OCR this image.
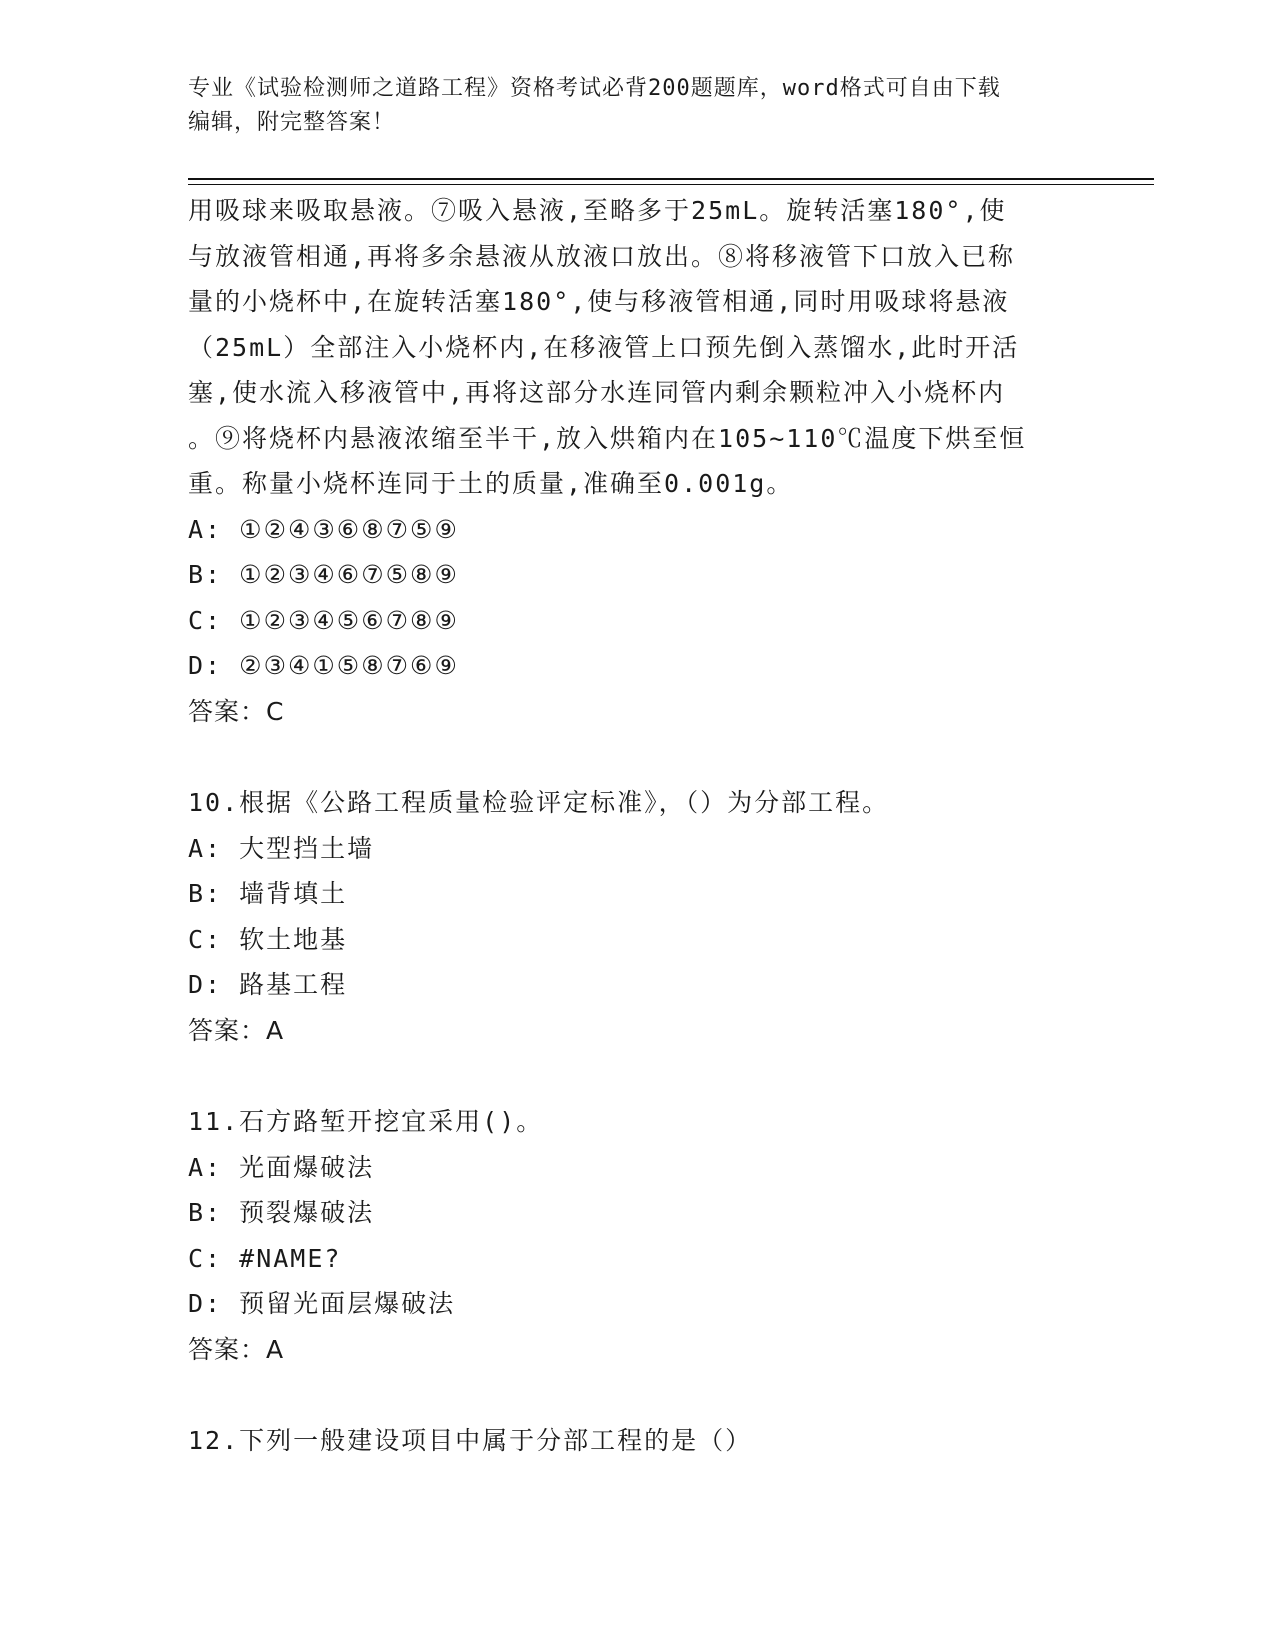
专业《试验检测师之道路工程》资格考试必背200题题库，word格式可自由下载
编辑，附完整答案！
用吸球来吸取悬液。⑦吸入悬液,至略多于25mL。旋转活塞180°,使
与放液管相通,再将多余悬液从放液口放出。⑧将移液管下口放入已称
量的小烧杯中,在旋转活塞180°,使与移液管相通,同时用吸球将悬液
（25mL）全部注入小烧杯内,在移液管上口预先倒入蒸馏水,此时开活
塞,使水流入移液管中,再将这部分水连同管内剩余颗粒冲入小烧杯内
。⑨将烧杯内悬液浓缩至半干,放入烘箱内在105~110℃温度下烘至恒
重。称量小烧杯连同于土的质量,准确至0.001g。
A: ①②④③⑥⑧⑦⑤⑨
B: ①②③④⑥⑦⑤⑧⑨
C: ①②③④⑤⑥⑦⑧⑨
D: ②③④①⑤⑧⑦⑥⑨
答案：C
10.根据《公路工程质量检验评定标准》，（）为分部工程。
A: 大型挡土墙
B: 墙背填土
C: 软土地基
D: 路基工程
答案：A
11.石方路堑开挖宜采用()。
A: 光面爆破法
B: 预裂爆破法
C: #NAME?
D: 预留光面层爆破法
答案：A
12.下列一般建设项目中属于分部工程的是（）
